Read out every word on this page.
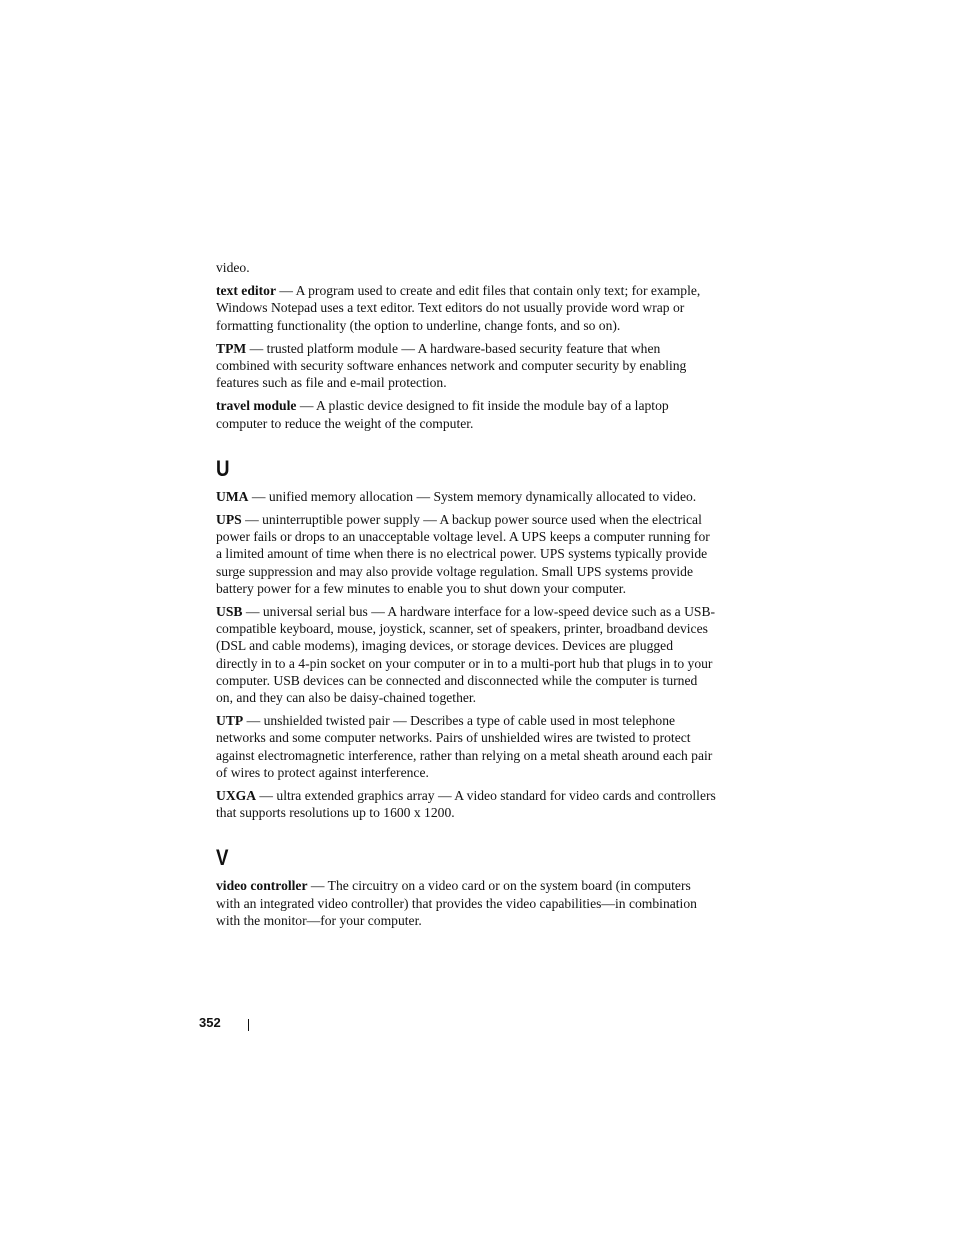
video.

text editor — A program used to create and edit files that contain only text; for example, Windows Notepad uses a text editor. Text editors do not usually provide word wrap or formatting functionality (the option to underline, change fonts, and so on).

TPM — trusted platform module — A hardware-based security feature that when combined with security software enhances network and computer security by enabling features such as file and e-mail protection.

travel module — A plastic device designed to fit inside the module bay of a laptop computer to reduce the weight of the computer.

U

UMA — unified memory allocation — System memory dynamically allocated to video.

UPS — uninterruptible power supply — A backup power source used when the electrical power fails or drops to an unacceptable voltage level. A UPS keeps a computer running for a limited amount of time when there is no electrical power. UPS systems typically provide surge suppression and may also provide voltage regulation. Small UPS systems provide battery power for a few minutes to enable you to shut down your computer.

USB — universal serial bus — A hardware interface for a low-speed device such as a USB-compatible keyboard, mouse, joystick, scanner, set of speakers, printer, broadband devices (DSL and cable modems), imaging devices, or storage devices. Devices are plugged directly in to a 4-pin socket on your computer or in to a multi-port hub that plugs in to your computer. USB devices can be connected and disconnected while the computer is turned on, and they can also be daisy-chained together.

UTP — unshielded twisted pair — Describes a type of cable used in most telephone networks and some computer networks. Pairs of unshielded wires are twisted to protect against electromagnetic interference, rather than relying on a metal sheath around each pair of wires to protect against interference.

UXGA — ultra extended graphics array — A video standard for video cards and controllers that supports resolutions up to 1600 x 1200.

V

video controller — The circuitry on a video card or on the system board (in computers with an integrated video controller) that provides the video capabilities—in combination with the monitor—for your computer.

352
